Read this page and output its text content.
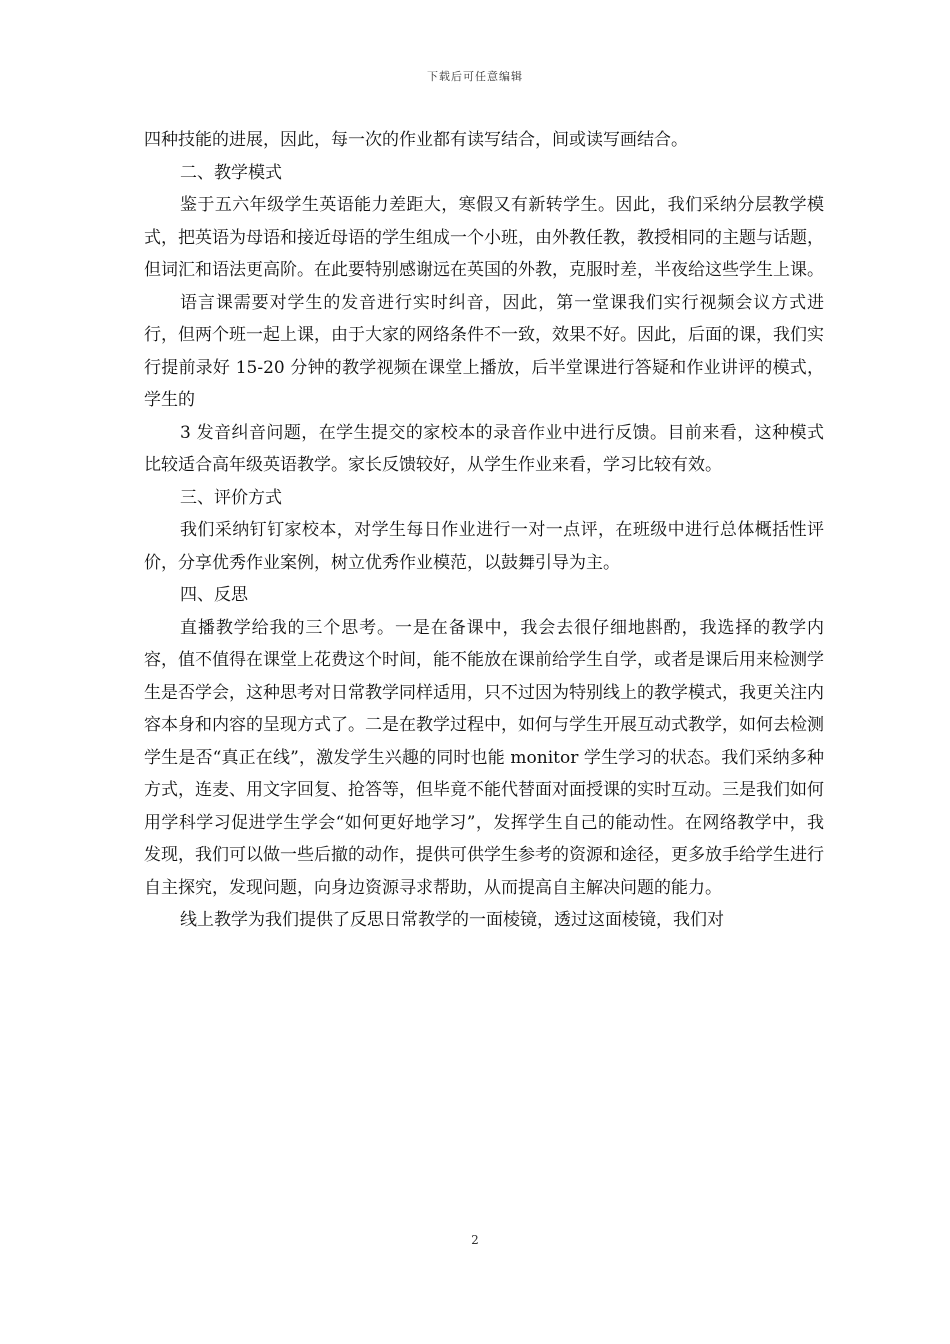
下载后可任意编辑

四种技能的进展，因此，每一次的作业都有读写结合，间或读写画结合。

二、教学模式

鉴于五六年级学生英语能力差距大，寒假又有新转学生。因此，我们采纳分层教学模式，把英语为母语和接近母语的学生组成一个小班，由外教任教，教授相同的主题与话题，但词汇和语法更高阶。在此要特别感谢远在英国的外教，克服时差，半夜给这些学生上课。

语言课需要对学生的发音进行实时纠音，因此，第一堂课我们实行视频会议方式进行，但两个班一起上课，由于大家的网络条件不一致，效果不好。因此，后面的课，我们实行提前录好 15-20 分钟的教学视频在课堂上播放，后半堂课进行答疑和作业讲评的模式，学生的

3 发音纠音问题，在学生提交的家校本的录音作业中进行反馈。目前来看，这种模式比较适合高年级英语教学。家长反馈较好，从学生作业来看，学习比较有效。

三、评价方式

我们采纳钉钉家校本，对学生每日作业进行一对一点评，在班级中进行总体概括性评价，分享优秀作业案例，树立优秀作业模范，以鼓舞引导为主。

四、反思

直播教学给我的三个思考。一是在备课中，我会去很仔细地斟酌，我选择的教学内容，值不值得在课堂上花费这个时间，能不能放在课前给学生自学，或者是课后用来检测学生是否学会，这种思考对日常教学同样适用，只不过因为特别线上的教学模式，我更关注内容本身和内容的呈现方式了。二是在教学过程中，如何与学生开展互动式教学，如何去检测学生是否“真正在线”，激发学生兴趣的同时也能 monitor 学生学习的状态。我们采纳多种方式，连麦、用文字回复、抢答等，但毕竟不能代替面对面授课的实时互动。三是我们如何用学科学习促进学生学会“如何更好地学习”，发挥学生自己的能动性。在网络教学中，我发现，我们可以做一些后撤的动作，提供可供学生参考的资源和途径，更多放手给学生进行自主探究，发现问题，向身边资源寻求帮助，从而提高自主解决问题的能力。

线上教学为我们提供了反思日常教学的一面棱镜，透过这面棱镜，我们对

2
